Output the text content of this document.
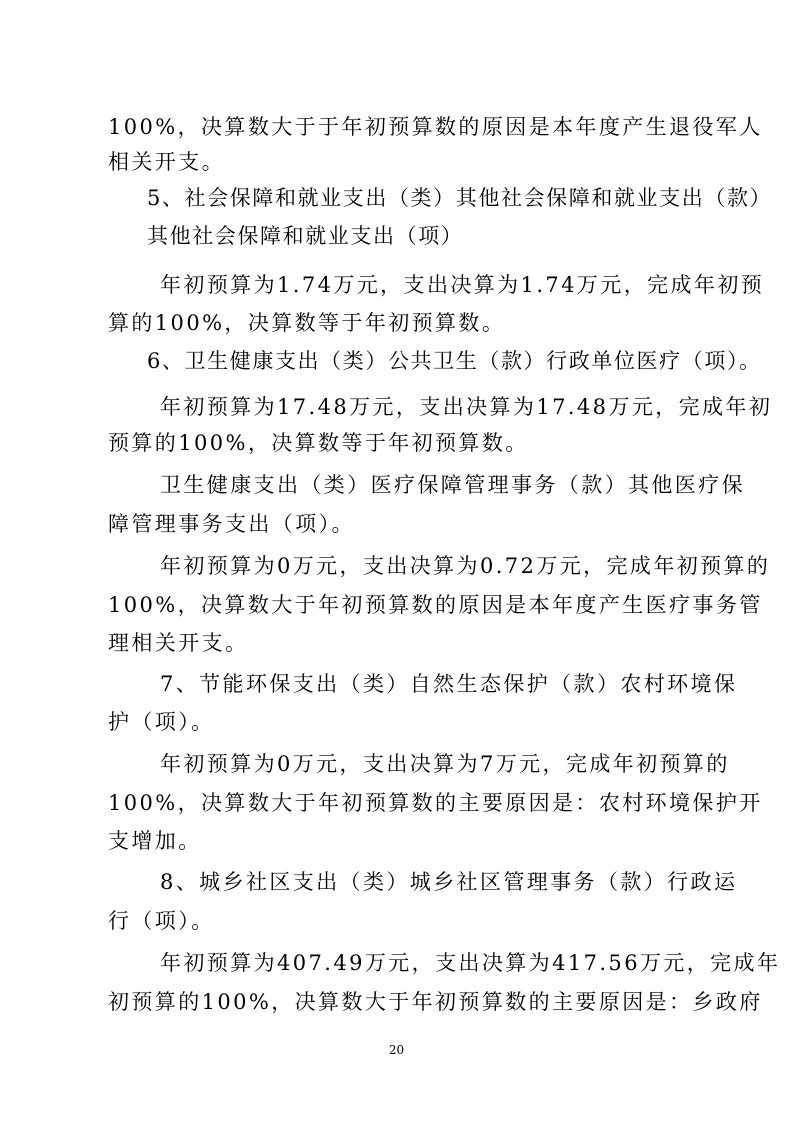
100%，决算数大于于年初预算数的原因是本年度产生退役军人

相关开支。

5、社会保障和就业支出（类）其他社会保障和就业支出（款）

其他社会保障和就业支出（项）

年初预算为1.74万元，支出决算为1.74万元，完成年初预

算的100%，决算数等于年初预算数。

6、卫生健康支出（类）公共卫生（款）行政单位医疗（项）。

年初预算为17.48万元，支出决算为17.48万元，完成年初

预算的100%，决算数等于年初预算数。

卫生健康支出（类）医疗保障管理事务（款）其他医疗保

障管理事务支出（项）。

年初预算为0万元，支出决算为0.72万元，完成年初预算的

100%，决算数大于年初预算数的原因是本年度产生医疗事务管

理相关开支。

7、节能环保支出（类）自然生态保护（款）农村环境保

护（项）。

年初预算为0万元，支出决算为7万元，完成年初预算的

100%，决算数大于年初预算数的主要原因是：农村环境保护开

支增加。

8、城乡社区支出（类）城乡社区管理事务（款）行政运

行（项）。

年初预算为407.49万元，支出决算为417.56万元，完成年

初预算的100%，决算数大于年初预算数的主要原因是：乡政府

20
